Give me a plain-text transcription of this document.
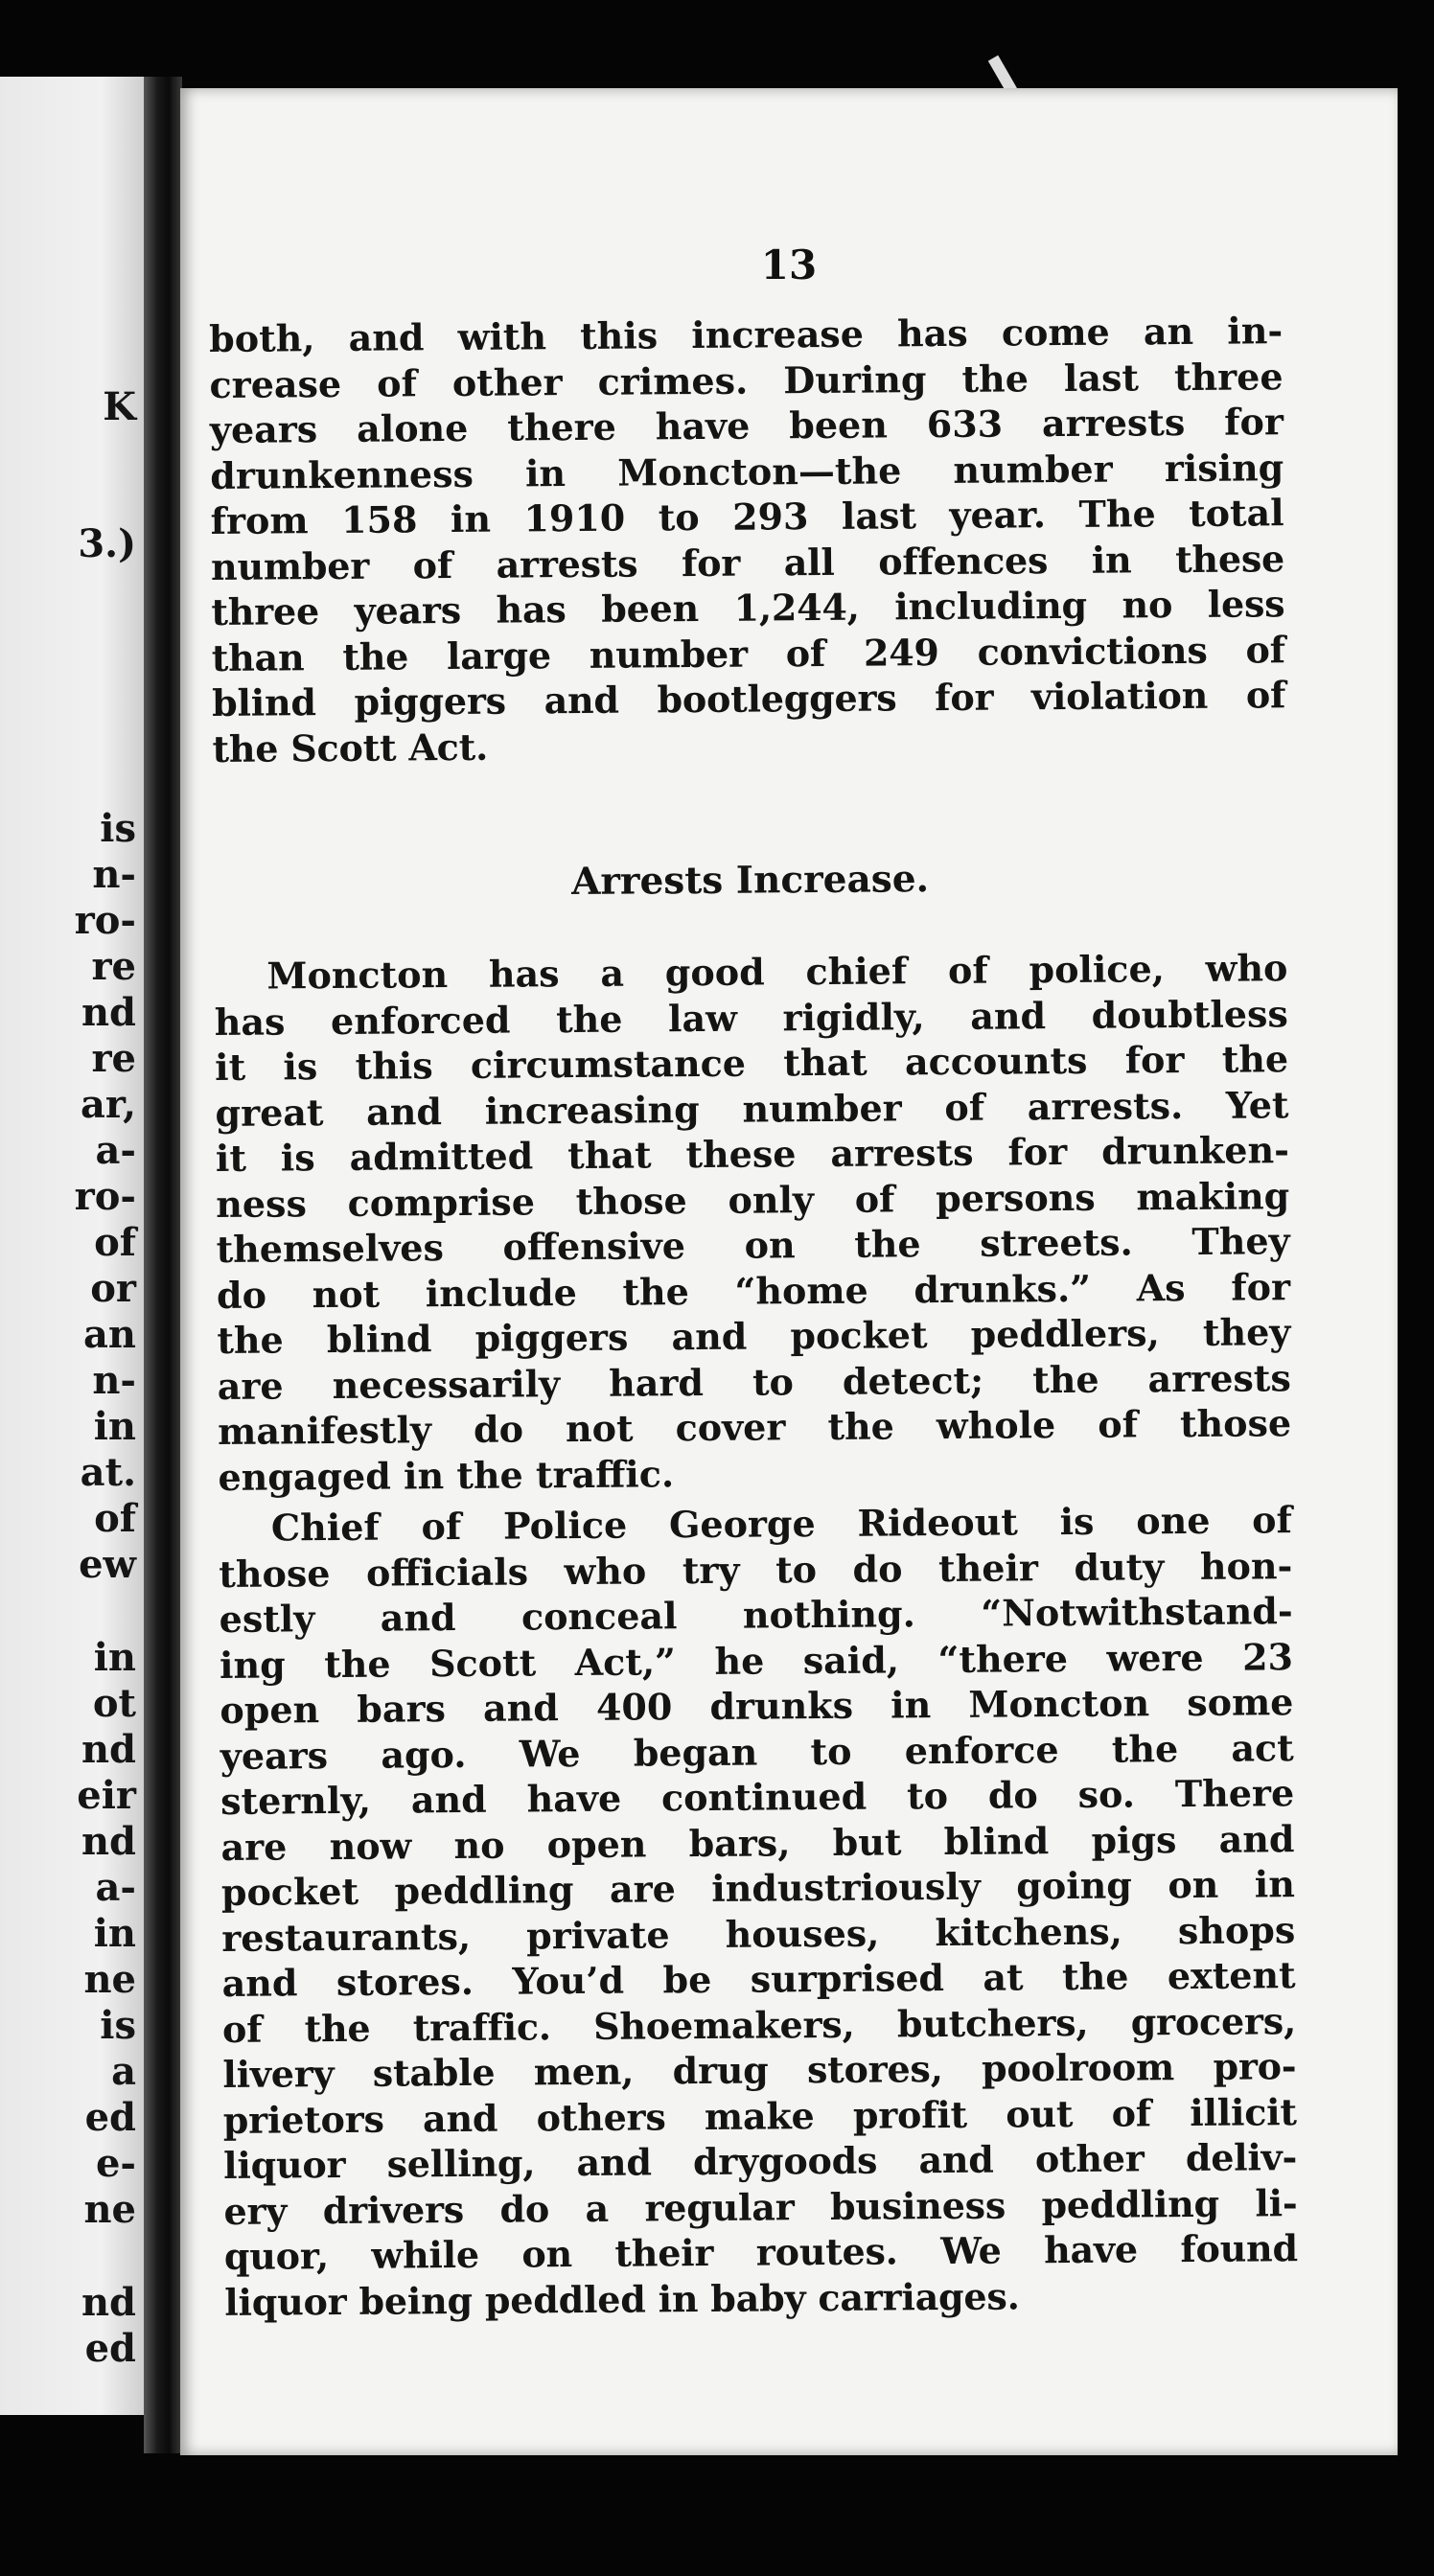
K
3.)
is
n-
ro-
re
nd
re
ar,
a-
ro-
of
or
an
n-
in
at.
of
ew
in
ot
nd
eir
nd
a-
in
ne
is
a
ed
e-
ne
nd
ed
13
both, and with this increase has come an in-
crease of other crimes. During the last three
years alone there have been 633 arrests for
drunkenness in Moncton—the number rising
from 158 in 1910 to 293 last year. The total
number of arrests for all offences in these
three years has been 1,244, including no less
than the large number of 249 convictions of
blind piggers and bootleggers for violation of
the Scott Act.
Arrests Increase.
Moncton has a good chief of police, who
has enforced the law rigidly, and doubtless
it is this circumstance that accounts for the
great and increasing number of arrests. Yet
it is admitted that these arrests for drunken-
ness comprise those only of persons making
themselves offensive on the streets. They
do not include the “home drunks.” As for
the blind piggers and pocket peddlers, they
are necessarily hard to detect; the arrests
manifestly do not cover the whole of those
engaged in the traffic.
Chief of Police George Rideout is one of
those officials who try to do their duty hon-
estly and conceal nothing. “Notwithstand-
ing the Scott Act,” he said, “there were 23
open bars and 400 drunks in Moncton some
years ago. We began to enforce the act
sternly, and have continued to do so. There
are now no open bars, but blind pigs and
pocket peddling are industriously going on in
restaurants, private houses, kitchens, shops
and stores. You’d be surprised at the extent
of the traffic. Shoemakers, butchers, grocers,
livery stable men, drug stores, poolroom pro-
prietors and others make profit out of illicit
liquor selling, and drygoods and other deliv-
ery drivers do a regular business peddling li-
quor, while on their routes. We have found
liquor being peddled in baby carriages.
